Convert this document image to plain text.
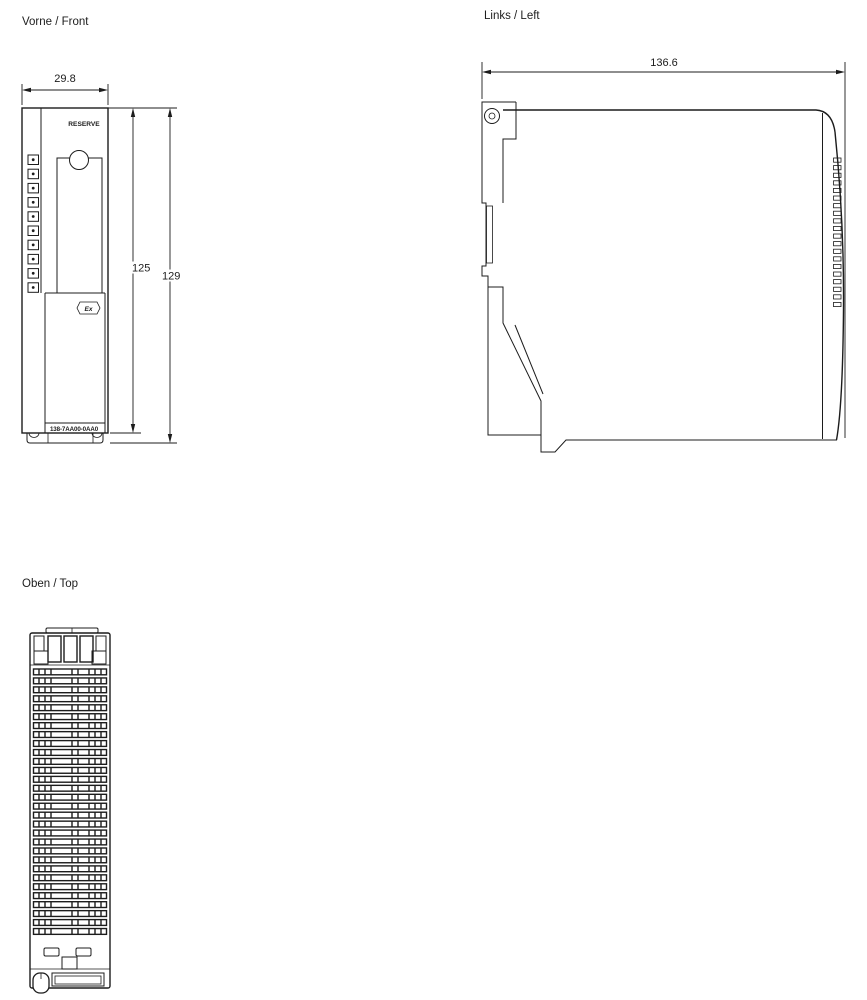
Vorne / Front	Links / Left
Oben / Top
29.8
RESERVE
Ex
138-7AA00-0AA0
125
129
136.6
